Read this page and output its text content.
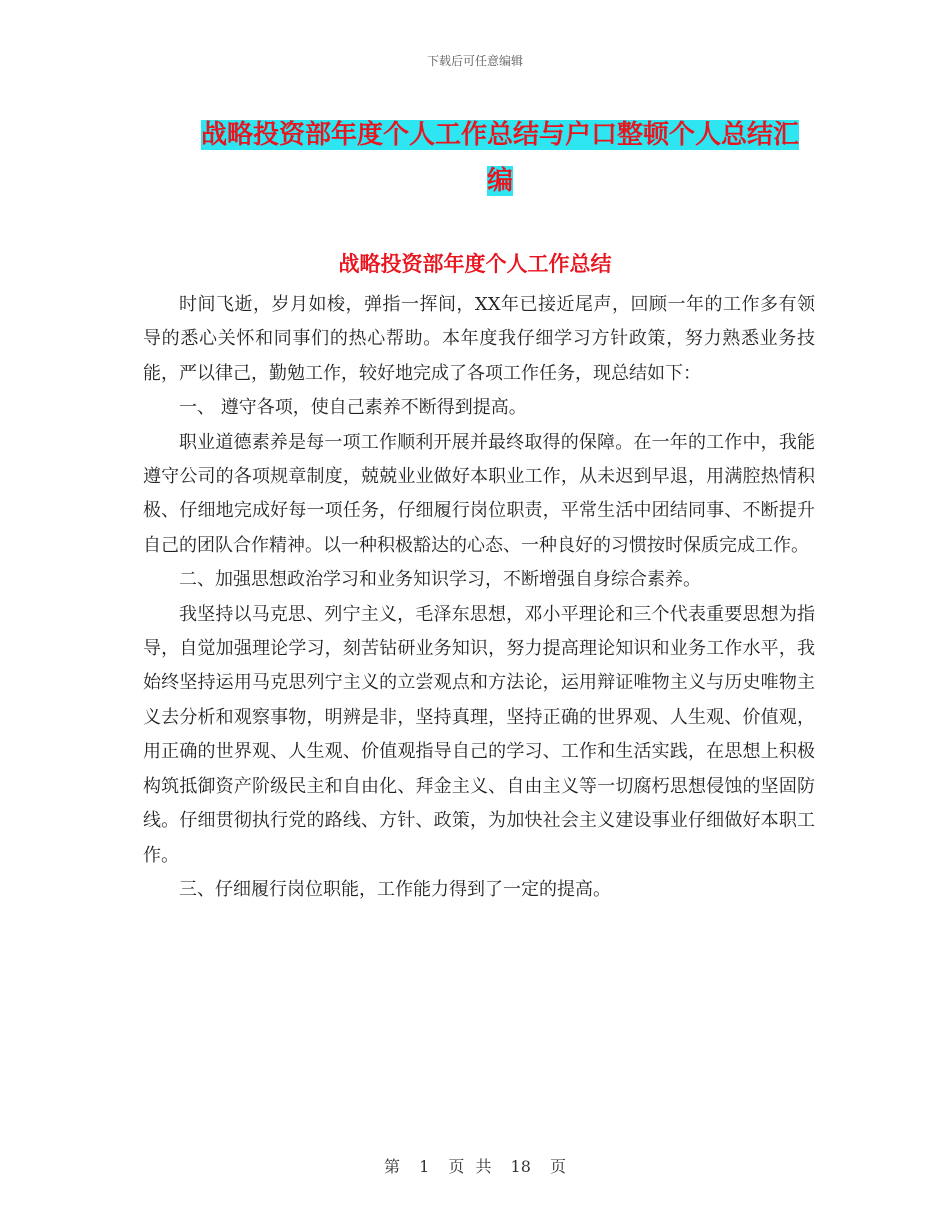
下载后可任意编辑
战略投资部年度个人工作总结与户口整顿个人总结汇编
战略投资部年度个人工作总结

时间飞逝，岁月如梭，弹指一挥间，XX年已接近尾声，回顾一年的工作多有领导的悉心关怀和同事们的热心帮助。本年度我仔细学习方针政策，努力熟悉业务技能，严以律己，勤勉工作，较好地完成了各项工作任务，现总结如下：

一、 遵守各项，使自己素养不断得到提高。

职业道德素养是每一项工作顺利开展并最终取得的保障。在一年的工作中，我能遵守公司的各项规章制度，兢兢业业做好本职业工作，从未迟到早退，用满腔热情积极、仔细地完成好每一项任务，仔细履行岗位职责，平常生活中团结同事、不断提升自己的团队合作精神。以一种积极豁达的心态、一种良好的习惯按时保质完成工作。

二、加强思想政治学习和业务知识学习，不断增强自身综合素养。

我坚持以马克思、列宁主义，毛泽东思想，邓小平理论和三个代表重要思想为指导，自觉加强理论学习，刻苦钻研业务知识，努力提高理论知识和业务工作水平，我始终坚持运用马克思列宁主义的立尝观点和方法论，运用辩证唯物主义与历史唯物主义去分析和观察事物，明辨是非，坚持真理，坚持正确的世界观、人生观、价值观，用正确的世界观、人生观、价值观指导自己的学习、工作和生活实践，在思想上积极构筑抵御资产阶级民主和自由化、拜金主义、自由主义等一切腐朽思想侵蚀的坚固防线。仔细贯彻执行党的路线、方针、政策，为加快社会主义建设事业仔细做好本职工作。

三、仔细履行岗位职能，工作能力得到了一定的提高。

第 1 页 共 18 页
